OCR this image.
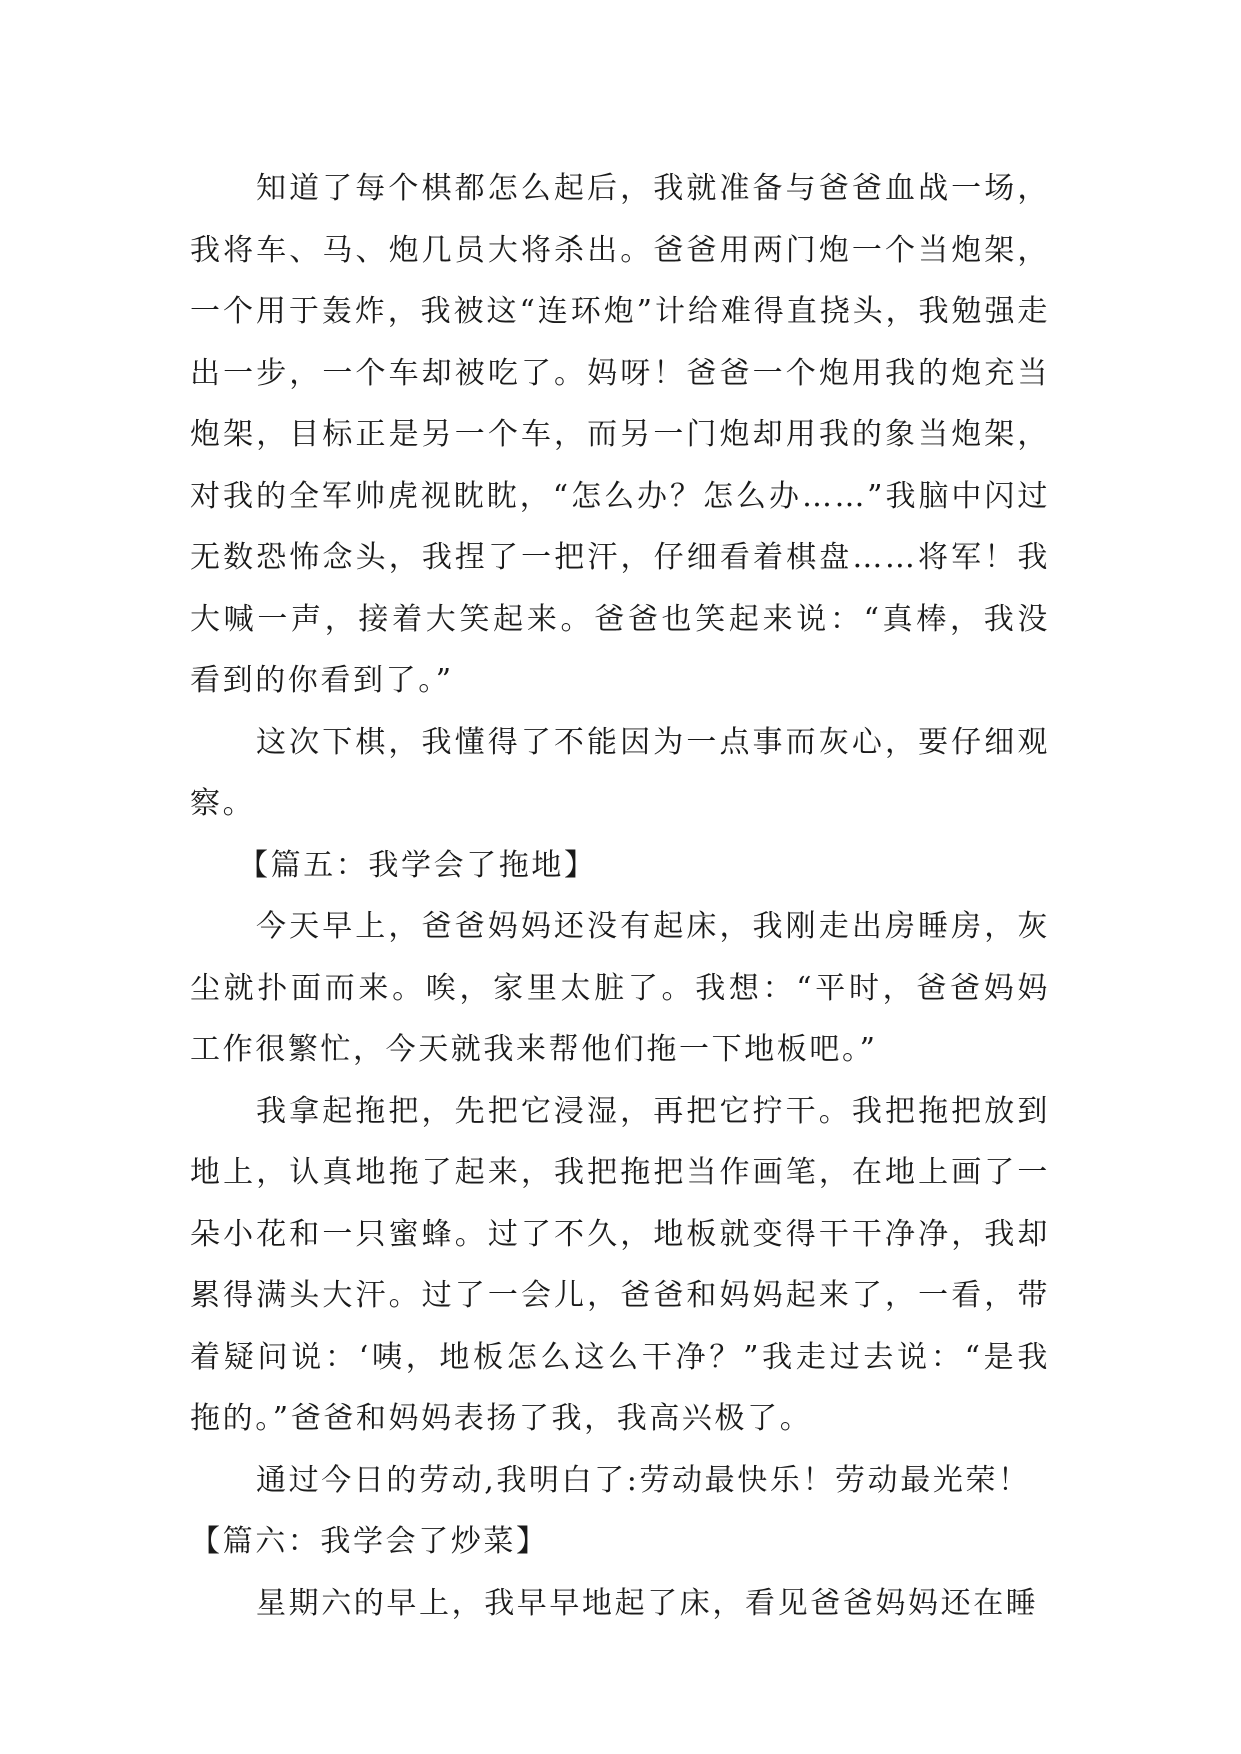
知道了每个棋都怎么起后，我就准备与爸爸血战一场，我将车、马、炮几员大将杀出。爸爸用两门炮一个当炮架，一个用于轰炸，我被这“连环炮”计给难得直挠头，我勉强走出一步，一个车却被吃了。妈呀！爸爸一个炮用我的炮充当炮架，目标正是另一个车，而另一门炮却用我的象当炮架，对我的全军帅虎视眈眈，“怎么办？怎么办……”我脑中闪过无数恐怖念头，我捏了一把汗，仔细看着棋盘……将军！我大喊一声，接着大笑起来。爸爸也笑起来说：“真棒，我没看到的你看到了。”

这次下棋，我懂得了不能因为一点事而灰心，要仔细观察。

【篇五：我学会了拖地】

今天早上，爸爸妈妈还没有起床，我刚走出房睡房，灰尘就扑面而来。唉，家里太脏了。我想：“平时，爸爸妈妈工作很繁忙，今天就我来帮他们拖一下地板吧。”

我拿起拖把，先把它浸湿，再把它拧干。我把拖把放到地上，认真地拖了起来，我把拖把当作画笔，在地上画了一朵小花和一只蜜蜂。过了不久，地板就变得干干净净，我却累得满头大汗。过了一会儿，爸爸和妈妈起来了，一看，带着疑问说：‘咦，地板怎么这么干净？”我走过去说：“是我拖的。”爸爸和妈妈表扬了我，我高兴极了。

通过今日的劳动,我明白了:劳动最快乐！劳动最光荣！

【篇六：我学会了炒菜】

星期六的早上，我早早地起了床，看见爸爸妈妈还在睡
